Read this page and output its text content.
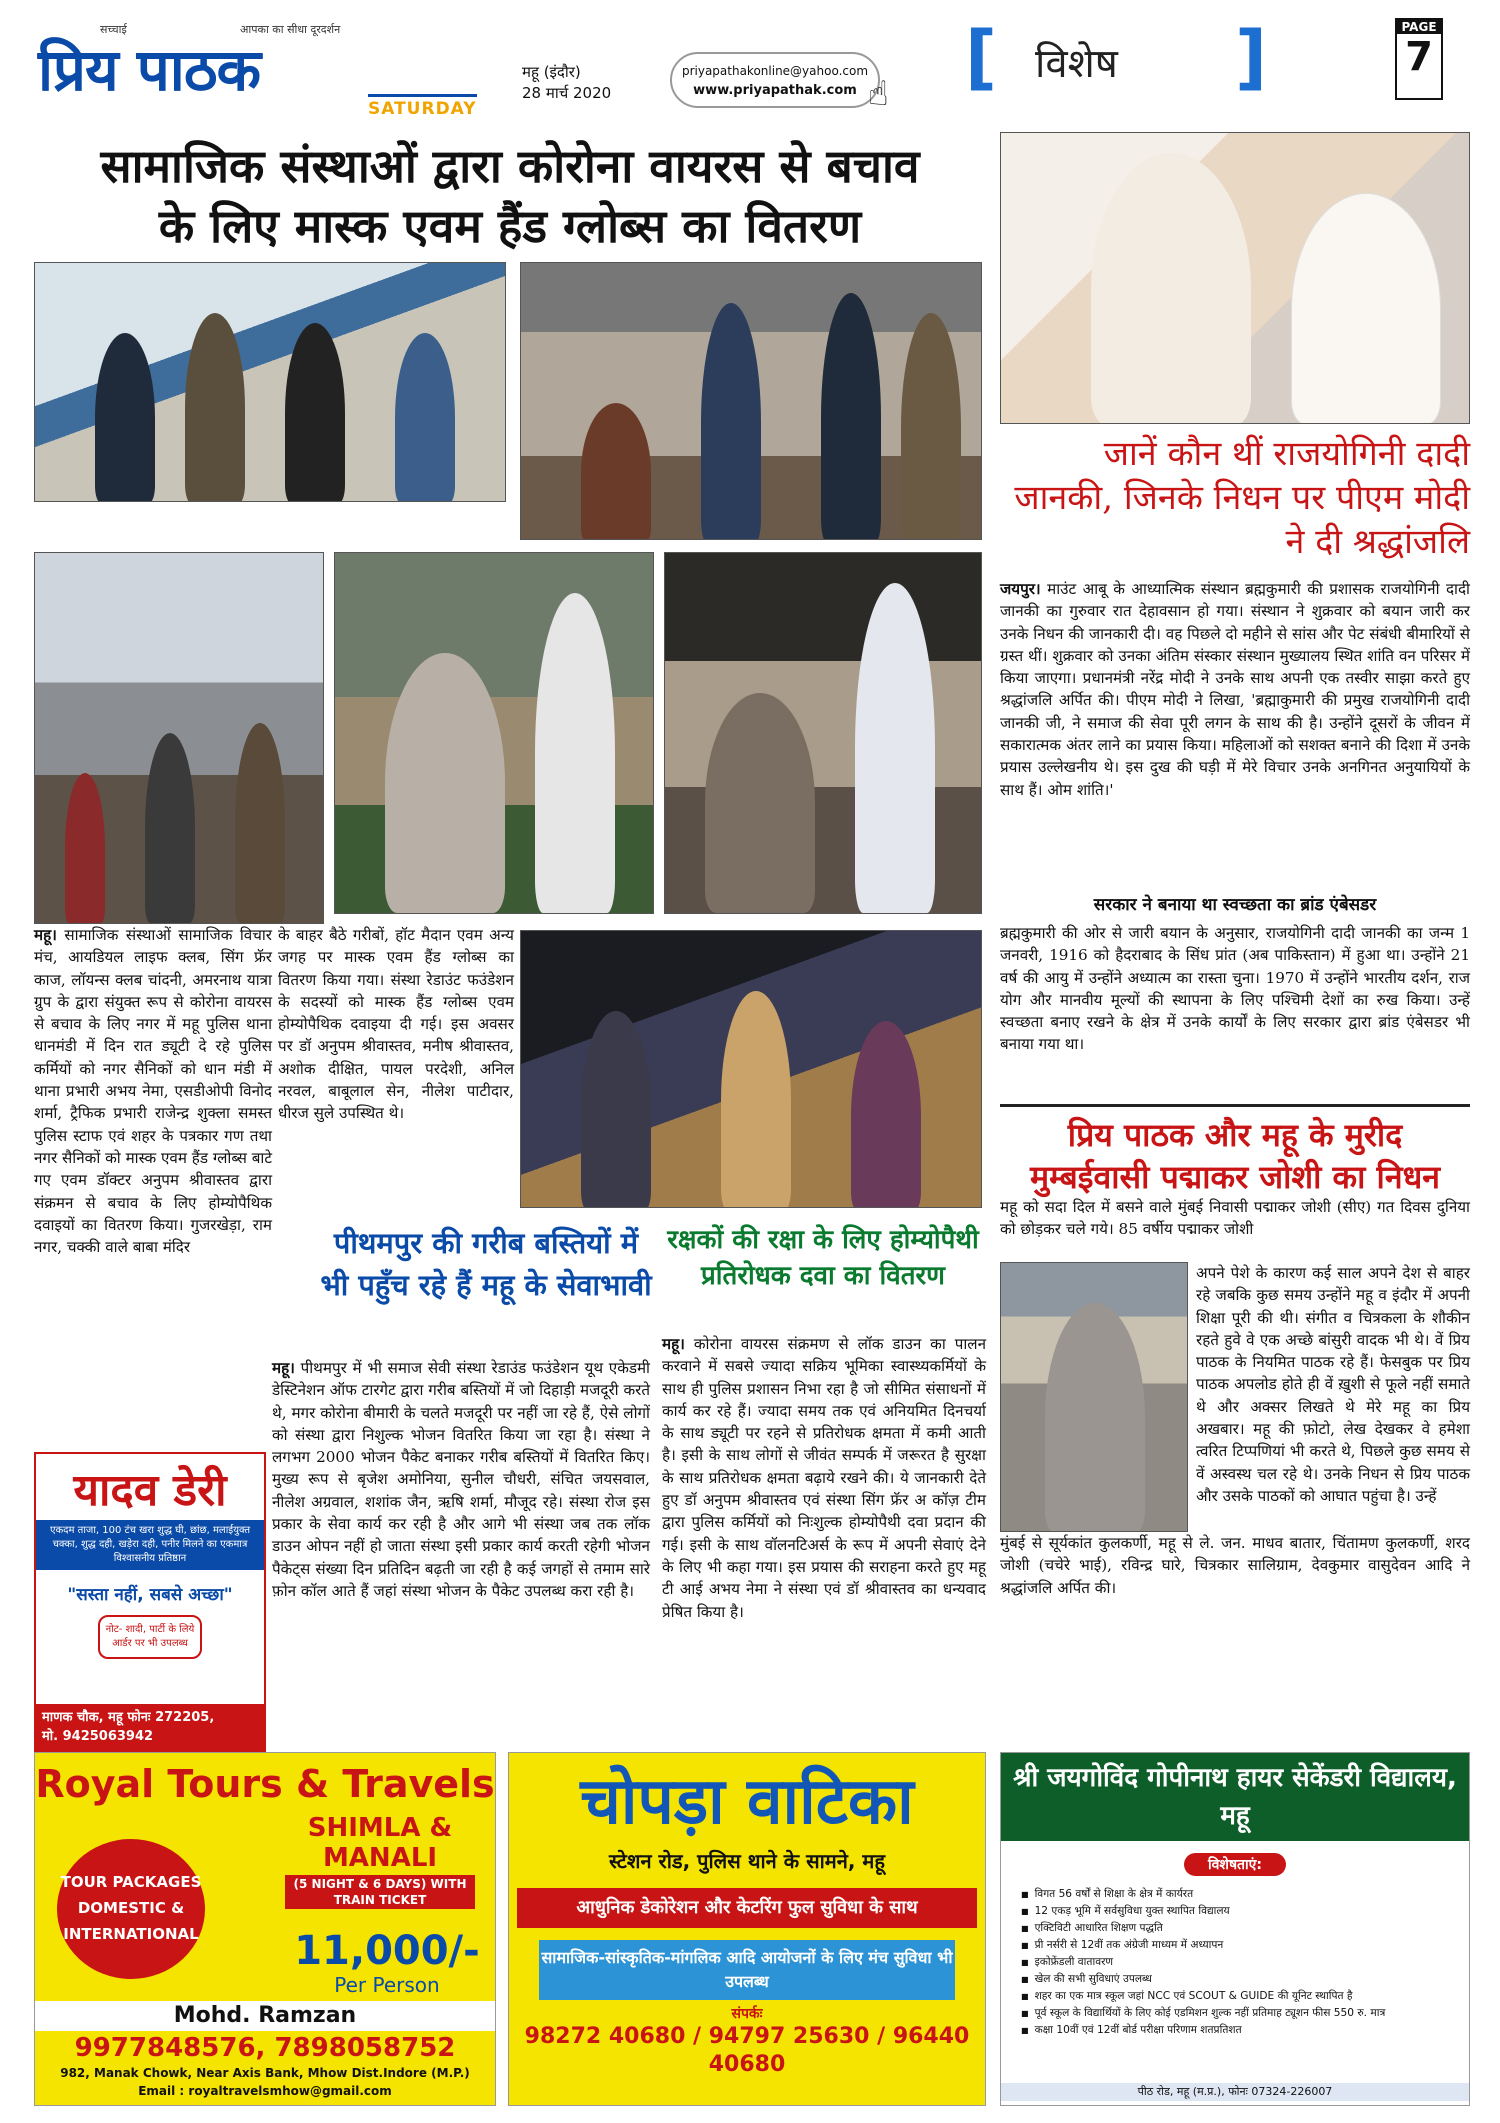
सच्चाई	आपका का सीधा दूरदर्शन
प्रिय पाठक
SATURDAY
महू (इंदौर)
28 मार्च 2020
priyapathakonline@yahoo.com
www.priyapathak.com ☝ [ विशेष ]	PAGE
7
सामाजिक संस्थाओं द्वारा कोरोना वायरस से बचाव
के लिए मास्क एवम हैंड ग्लोब्स का वितरण
महू। सामाजिक संस्थाओं सामाजिक विचार मंच, आयडियल लाइफ क्लब, सिंग फ्रॅर काज, लॉयन्स क्लब चांदनी, अमरनाथ यात्रा ग्रुप के द्वारा संयुक्त रूप से कोरोना वायरस से बचाव के लिए नगर में महू पुलिस थाना धानमंडी में दिन रात ड्यूटी दे रहे पुलिस कर्मियों को नगर सैनिकों को धान मंडी में थाना प्रभारी अभय नेमा, एसडीओपी विनोद शर्मा, ट्रैफिक प्रभारी राजेन्द्र शुक्ला समस्त पुलिस स्टाफ एवं शहर के पत्रकार गण तथा नगर सैनिकों को मास्क एवम हैंड ग्लोब्स बाटे गए एवम डॉक्टर अनुपम श्रीवास्तव द्वारा संक्रमन से बचाव के लिए होम्योपैथिक दवाइयों का वितरण किया। गुजरखेड़ा, राम नगर, चक्की वाले बाबा मंदिर
के बाहर बैठे गरीबों, हॉट मैदान एवम अन्य जगह पर मास्क एवम हैंड ग्लोब्स का वितरण किया गया। संस्था रेडाउंट फउंडेशन के सदस्यों को मास्क हैंड ग्लोब्स एवम होम्योपैथिक दवाइया दी गई। इस अवसर पर डॉ अनुपम श्रीवास्तव, मनीष श्रीवास्तव, अशोक दीक्षित, पायल परदेशी, अनिल नरवल, बाबूलाल सेन, नीलेश पाटीदार, धीरज सुले उपस्थित थे।
पीथमपुर की गरीब बस्तियों में भी पहुँच रहे हैं महू के सेवाभावी
महू। पीथमपुर में भी समाज सेवी संस्था रेडाउंड फउंडेशन यूथ एकेडमी डेस्टिनेशन ऑफ टारगेट द्वारा गरीब बस्तियों में जो दिहाड़ी मजदूरी करते थे, मगर कोरोना बीमारी के चलते मजदूरी पर नहीं जा रहे हैं, ऐसे लोगों को संस्था द्वारा निशुल्क भोजन वितरित किया जा रहा है। संस्था ने लगभग 2000 भोजन पैकेट बनाकर गरीब बस्तियों में वितरित किए। मुख्य रूप से बृजेश अमोनिया, सुनील चौधरी, संचित जयसवाल, नीलेश अग्रवाल, शशांक जैन, ऋषि शर्मा, मौजूद रहे। संस्था रोज इस प्रकार के सेवा कार्य कर रही है और आगे भी संस्था जब तक लॉक डाउन ओपन नहीं हो जाता संस्था इसी प्रकार कार्य करती रहेगी भोजन पैकेट्स संख्या दिन प्रतिदिन बढ़ती जा रही है कई जगहों से तमाम सारे फ़ोन कॉल आते हैं जहां संस्था भोजन के पैकेट उपलब्ध करा रही है।
रक्षकों की रक्षा के लिए होम्योपैथी प्रतिरोधक दवा का वितरण
महू। कोरोना वायरस संक्रमण से लॉक डाउन का पालन करवाने में सबसे ज्यादा सक्रिय भूमिका स्वास्थ्यकर्मियों के साथ ही पुलिस प्रशासन निभा रहा है जो सीमित संसाधनों में कार्य कर रहे हैं। ज्यादा समय तक एवं अनियमित दिनचर्या के साथ ड्यूटी पर रहने से प्रतिरोधक क्षमता में कमी आती है। इसी के साथ लोगों से जीवंत सम्पर्क में जरूरत है सुरक्षा के साथ प्रतिरोधक क्षमता बढ़ाये रखने की। ये जानकारी देते हुए डॉ अनुपम श्रीवास्तव एवं संस्था सिंग फ्रॅर अ कॉज़ टीम द्वारा पुलिस कर्मियों को निःशुल्क होम्योपैथी दवा प्रदान की गई। इसी के साथ वॉलनटिअर्स के रूप में अपनी सेवाएं देने के लिए भी कहा गया। इस प्रयास की सराहना करते हुए महू टी आई अभय नेमा ने संस्था एवं डॉ श्रीवास्तव का धन्यवाद प्रेषित किया है।
जानें कौन थीं राजयोगिनी दादी जानकी, जिनके निधन पर पीएम मोदी ने दी श्रद्धांजलि
जयपुर। माउंट आबू के आध्यात्मिक संस्थान ब्रह्मकुमारी की प्रशासक राजयोगिनी दादी जानकी का गुरुवार रात देहावसान हो गया। संस्थान ने शुक्रवार को बयान जारी कर उनके निधन की जानकारी दी। वह पिछले दो महीने से सांस और पेट संबंधी बीमारियों से ग्रस्त थीं। शुक्रवार को उनका अंतिम संस्कार संस्थान मुख्यालय स्थित शांति वन परिसर में किया जाएगा। प्रधानमंत्री नरेंद्र मोदी ने उनके साथ अपनी एक तस्वीर साझा करते हुए श्रद्धांजलि अर्पित की। पीएम मोदी ने लिखा, 'ब्रह्माकुमारी की प्रमुख राजयोगिनी दादी जानकी जी, ने समाज की सेवा पूरी लगन के साथ की है। उन्होंने दूसरों के जीवन में सकारात्मक अंतर लाने का प्रयास किया। महिलाओं को सशक्त बनाने की दिशा में उनके प्रयास उल्लेखनीय थे। इस दुख की घड़ी में मेरे विचार उनके अनगिनत अनुयायियों के साथ हैं। ओम शांति।'
सरकार ने बनाया था स्वच्छता का ब्रांड एंबेसडर
ब्रह्मकुमारी की ओर से जारी बयान के अनुसार, राजयोगिनी दादी जानकी का जन्म 1 जनवरी, 1916 को हैदराबाद के सिंध प्रांत (अब पाकिस्तान) में हुआ था। उन्होंने 21 वर्ष की आयु में उन्होंने अध्यात्म का रास्ता चुना। 1970 में उन्होंने भारतीय दर्शन, राज योग और मानवीय मूल्यों की स्थापना के लिए पश्चिमी देशों का रुख किया। उन्हें स्वच्छता बनाए रखने के क्षेत्र में उनके कार्यों के लिए सरकार द्वारा ब्रांड एंबेसडर भी बनाया गया था।
प्रिय पाठक और महू के मुरीद
मुम्बईवासी पद्माकर जोशी का निधन
महू को सदा दिल में बसने वाले मुंबई निवासी पद्माकर जोशी (सीए) गत दिवस दुनिया को छोड़कर चले गये। 85 वर्षीय पद्माकर जोशी
अपने पेशे के कारण कई साल अपने देश से बाहर रहे जबकि कुछ समय उन्होंने महू व इंदौर में अपनी शिक्षा पूरी की थी। संगीत व चित्रकला के शौकीन रहते हुवे वे एक अच्छे बांसुरी वादक भी थे। वें प्रिय पाठक के नियमित पाठक रहे हैं। फेसबुक पर प्रिय पाठक अपलोड होते ही वें ख़ुशी से फूले नहीं समाते थे और अक्सर लिखते थे मेरे महू का प्रिय अखबार। महू की फ़ोटो, लेख देखकर वे हमेशा त्वरित टिप्पणियां भी करते थे, पिछले कुछ समय से वें अस्वस्थ चल रहे थे। उनके निधन से प्रिय पाठक और उसके पाठकों को आघात पहुंचा है। उन्हें
मुंबई से सूर्यकांत कुलकर्णी, महू से ले. जन. माधव बातार, चिंतामण कुलकर्णी, शरद जोशी (चचेरे भाई), रविन्द्र घारे, चित्रकार सालिग्राम, देवकुमार वासुदेवन आदि ने श्रद्धांजलि अर्पित की।
यादव डेरी
एकदम ताजा, 100 टंच खरा शुद्ध घी, छांछ, मलाईयुक्त चक्का, शुद्ध दही, खड़ेरा दही, पनीर मिलने का एकमात्र विश्वासनीय प्रतिष्ठान
"सस्ता नहीं, सबसे अच्छा"
नोट- शादी, पार्टी के लिये आर्डर पर भी उपलब्ध
माणक चौक, महू फोनः 272205,
मो. 9425063942
Royal Tours & Travels
TOUR PACKAGES DOMESTIC & INTERNATIONAL
SHIMLA & MANALI
(5 NIGHT & 6 DAYS) WITH TRAIN TICKET
11,000/-
Per Person
Mohd. Ramzan
9977848576, 7898058752
982, Manak Chowk, Near Axis Bank, Mhow Dist.Indore (M.P.)
Email : royaltravelsmhow@gmail.com
चोपड़ा वाटिका
स्टेशन रोड, पुलिस थाने के सामने, महू
आधुनिक डेकोरेशन और केटरिंग फुल सुविधा के साथ
सामाजिक-सांस्कृतिक-मांगलिक आदि आयोजनों के लिए मंच सुविधा भी उपलब्ध
संपर्कः
98272 40680 / 94797 25630 / 96440 40680
श्री जयगोविंद गोपीनाथ हायर सेकेंडरी विद्यालय, महू
विशेषताएं:
■ विगत 56 वर्षों से शिक्षा के क्षेत्र में कार्यरत
■ 12 एकड़ भूमि में सर्वसुविधा युक्त स्थापित विद्यालय
■ एक्टिविटी आधारित शिक्षण पद्धति
■ प्री नर्सरी से 12वीं तक अंग्रेजी माध्यम में अध्यापन
■ इकोफ्रेंडली वातावरण
■ खेल की सभी सुविधाएं उपलब्ध
■ शहर का एक मात्र स्कूल जहां NCC एवं SCOUT & GUIDE की यूनिट स्थापित है
■ पूर्व स्कूल के विद्यार्थियों के लिए कोई एडमिशन शुल्क नहीं प्रतिमाह ट्यूशन फीस 550 रु. मात्र
■ कक्षा 10वीं एवं 12वीं बोर्ड परीक्षा परिणाम शतप्रतिशत
पीठ रोड, महू (म.प्र.), फोनः 07324-226007
